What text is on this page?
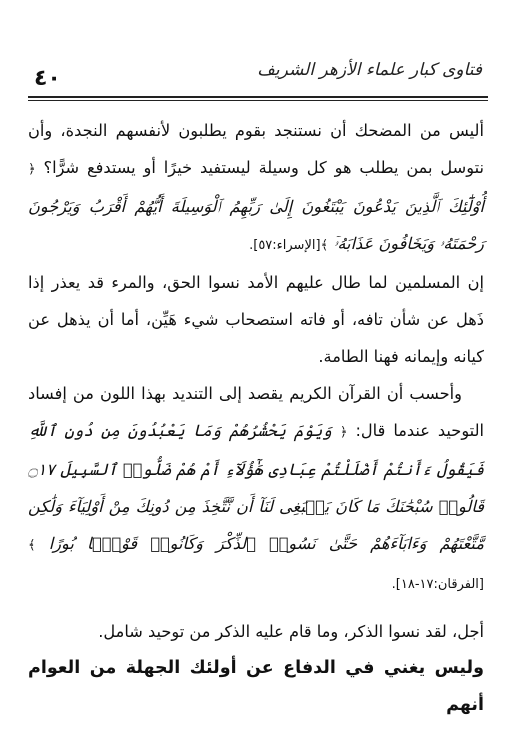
٤٠	فتاوى كبار علماء الأزهر الشريف

أليس من المضحك أن نستنجد بقوم يطلبون لأنفسهم النجدة، وأن نتوسل بمن يطلب هو كل وسيلة ليستفيد خيرًا أو يستدفع شرًّا؟ ﴿ أُوْلَٰٓئِكَ ٱلَّذِينَ يَدْعُونَ يَبْتَغُونَ إِلَىٰ رَبِّهِمُ ٱلْوَسِيلَةَ أَيُّهُمْ أَقْرَبُ وَيَرْجُونَ رَحْمَتَهُۥ وَيَخَافُونَ عَذَابَهُۥٓ ﴾[الإسراء:٥٧].

إن المسلمين لما طال عليهم الأمد نسوا الحق، والمرء قد يعذر إذا ذَهل عن شأن تافه، أو فاته استصحاب شيء هَيِّن، أما أن يذهل عن كيانه وإيمانه فهنا الطامة.

وأحسب أن القرآن الكريم يقصد إلى التنديد بهذا اللون من إفساد التوحيد عندما قال: ﴿ وَيَوْمَ يَحْشُرُهُمْ وَمَا يَعْبُدُونَ مِن دُونِ ٱللَّهِ فَيَقُولُ ءَأَنتُمْ أَضْلَلْتُمْ عِبَادِى هَٰٓؤُلَآءِ أَمْ هُمْ ضَلُّوا۟ ٱلسَّبِيلَ ۝١٧ قَالُوا۟ سُبْحَٰنَكَ مَا كَانَ يَنۢبَغِى لَنَآ أَن نَّتَّخِذَ مِن دُونِكَ مِنْ أَوْلِيَآءَ وَلَٰكِن مَّتَّعْتَهُمْ وَءَابَآءَهُمْ حَتَّىٰ نَسُوا۟ ٱلذِّكْرَ وَكَانُوا۟ قَوْمًۢا بُورًا ﴾[الفرقان:١٧-١٨].

أجل، لقد نسوا الذكر، وما قام عليه الذكر من توحيد شامل.

وليس يغني في الدفاع عن أولئك الجهلة من العوام أنهم
